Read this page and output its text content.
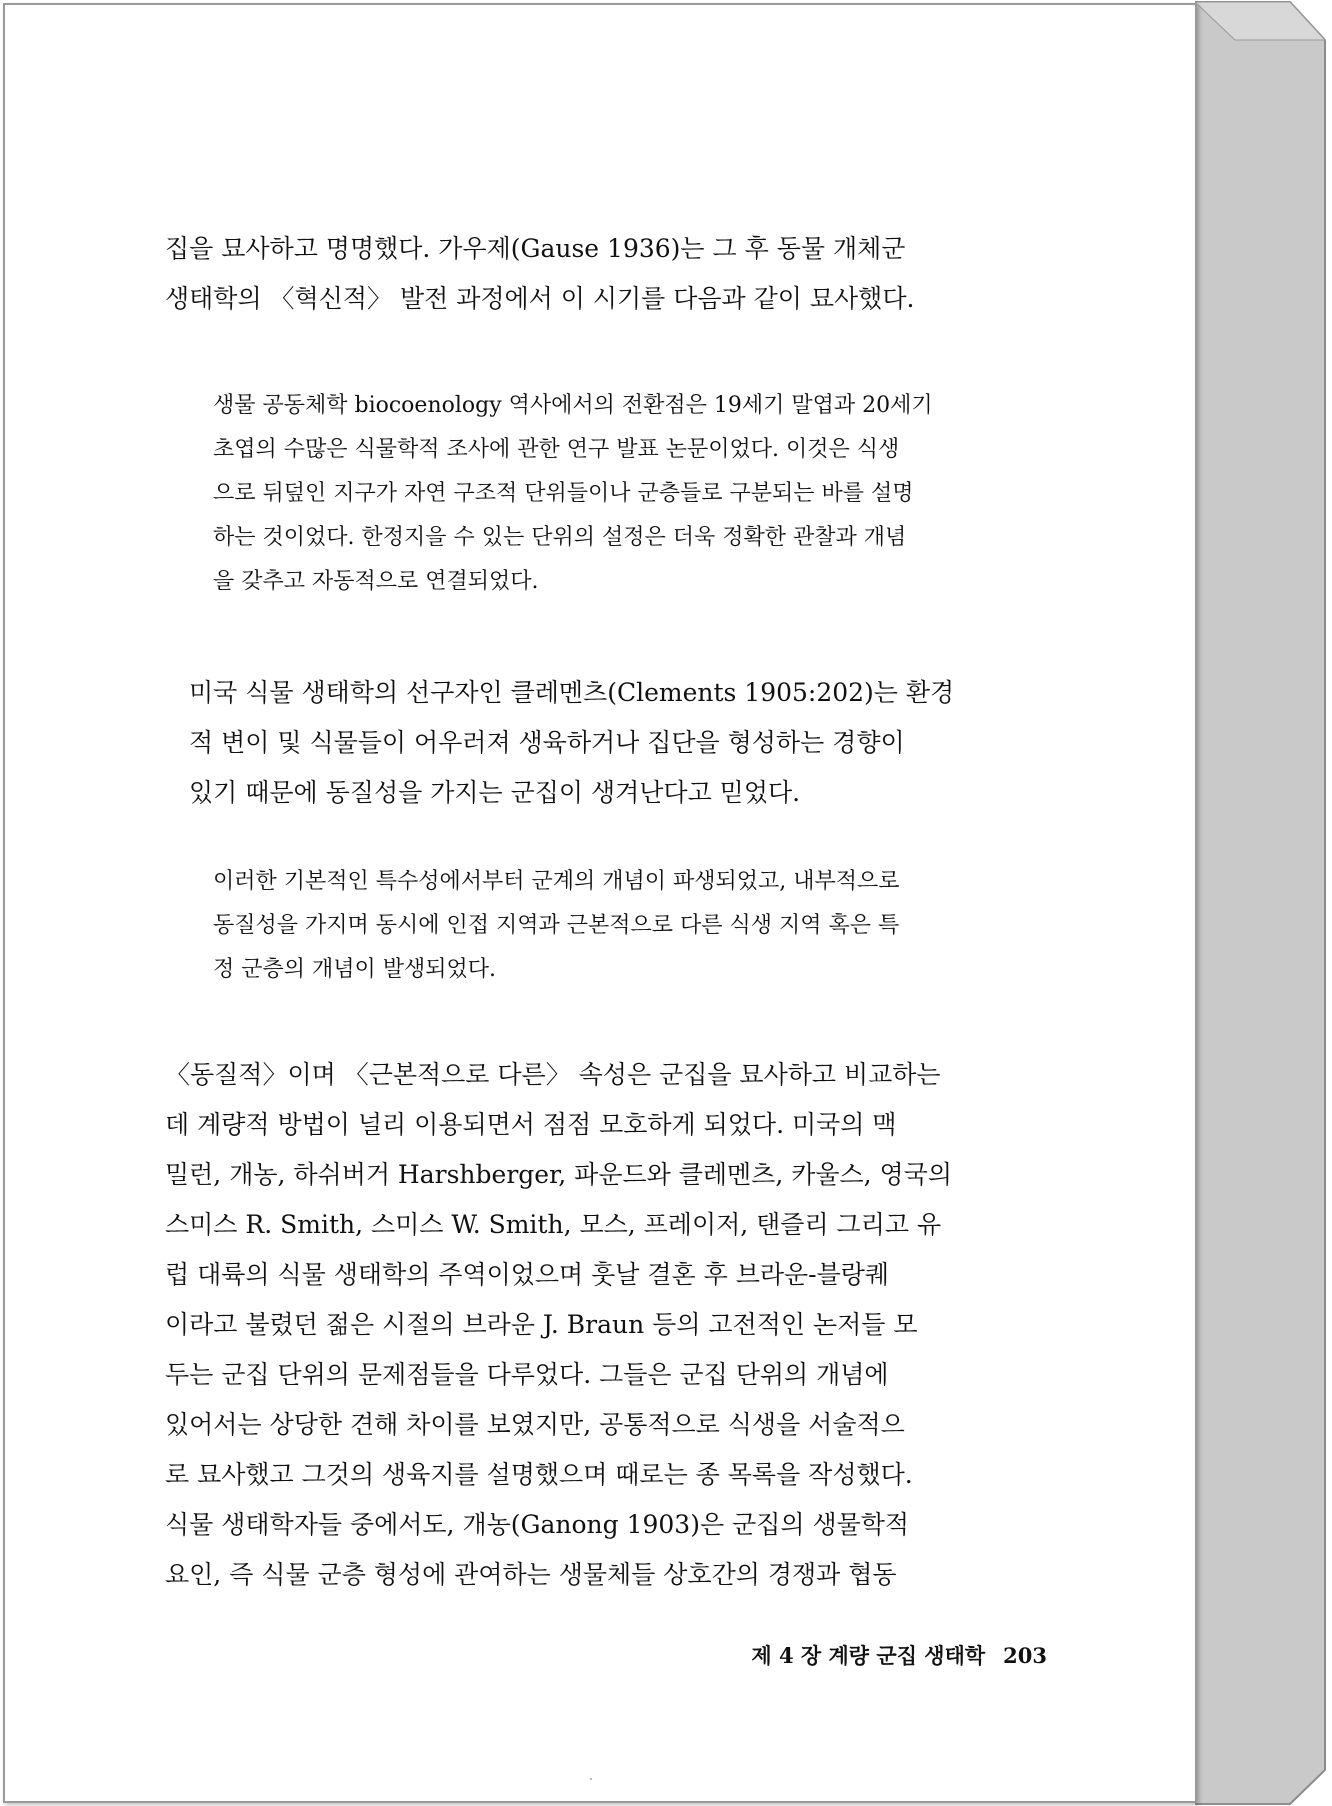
집을 묘사하고 명명했다. 가우제(Gause 1936)는 그 후 동물 개체군
생태학의 〈혁신적〉 발전 과정에서 이 시기를 다음과 같이 묘사했다.

생물 공동체학 biocoenology 역사에서의 전환점은 19세기 말엽과 20세기
초엽의 수많은 식물학적 조사에 관한 연구 발표 논문이었다. 이것은 식생
으로 뒤덮인 지구가 자연 구조적 단위들이나 군층들로 구분되는 바를 설명
하는 것이었다. 한정지을 수 있는 단위의 설정은 더욱 정확한 관찰과 개념
을 갖추고 자동적으로 연결되었다.

미국 식물 생태학의 선구자인 클레멘츠(Clements 1905:202)는 환경
적 변이 및 식물들이 어우러져 생육하거나 집단을 형성하는 경향이
있기 때문에 동질성을 가지는 군집이 생겨난다고 믿었다.

이러한 기본적인 특수성에서부터 군계의 개념이 파생되었고, 내부적으로
동질성을 가지며 동시에 인접 지역과 근본적으로 다른 식생 지역 혹은 특
정 군층의 개념이 발생되었다.

〈동질적〉이며 〈근본적으로 다른〉 속성은 군집을 묘사하고 비교하는
데 계량적 방법이 널리 이용되면서 점점 모호하게 되었다. 미국의 맥
밀런, 개농, 하쉬버거 Harshberger, 파운드와 클레멘츠, 카울스, 영국의
스미스 R. Smith, 스미스 W. Smith, 모스, 프레이저, 탠즐리 그리고 유
럽 대륙의 식물 생태학의 주역이었으며 훗날 결혼 후 브라운-블랑퀘
이라고 불렸던 젊은 시절의 브라운 J. Braun 등의 고전적인 논저들 모
두는 군집 단위의 문제점들을 다루었다. 그들은 군집 단위의 개념에
있어서는 상당한 견해 차이를 보였지만, 공통적으로 식생을 서술적으
로 묘사했고 그것의 생육지를 설명했으며 때로는 종 목록을 작성했다.
식물 생태학자들 중에서도, 개농(Ganong 1903)은 군집의 생물학적
요인, 즉 식물 군층 형성에 관여하는 생물체들 상호간의 경쟁과 협동

제 4 장 계량 군집 생태학 203
